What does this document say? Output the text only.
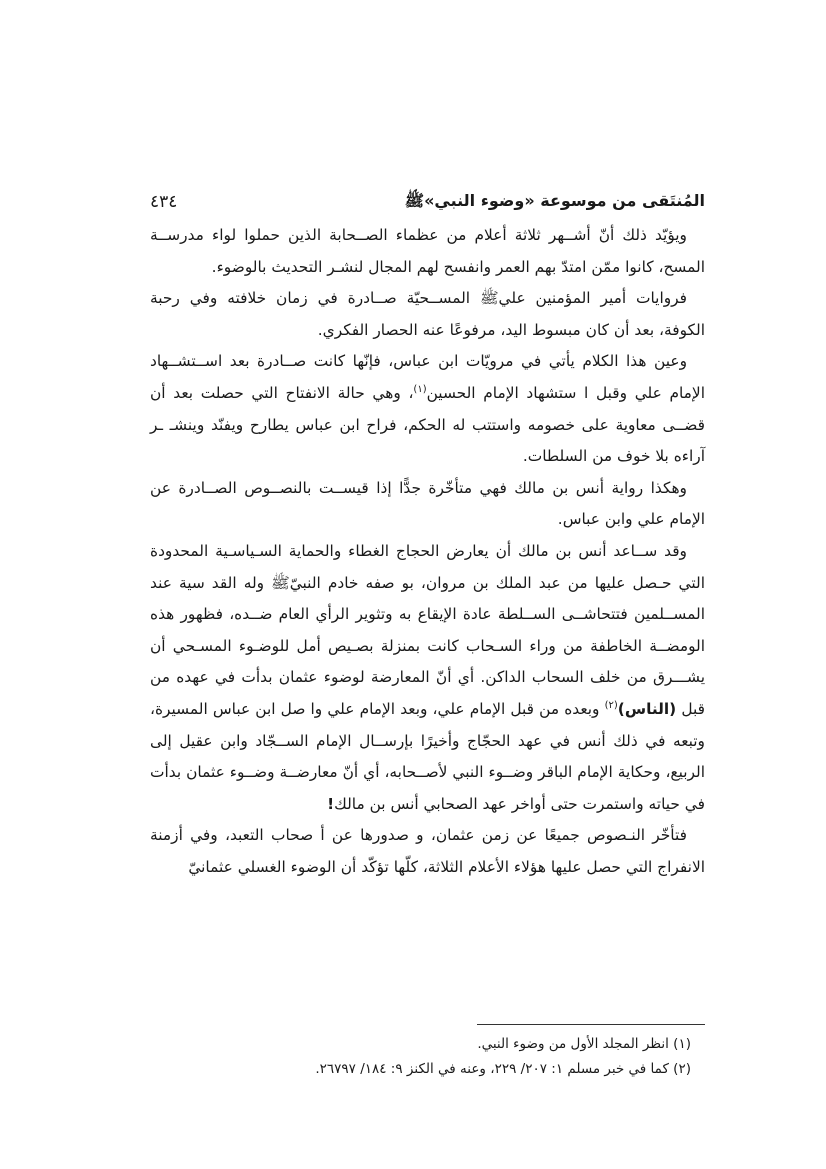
المُنتَقى من موسوعة «وضوء النبي»ﷺ
٤٣٤

ويؤيّد ذلك أنّ أشــهر ثلاثة أعلام من عظماء الصــحابة الذين حملوا لواء مدرســة المسح، كانوا ممّن امتدّ بهم العمر وانفسح لهم المجال لنشـر التحديث بالوضوء.

فروايات أمير المؤمنين عليﷺ المســحيّة صــادرة في زمان خلافته وفي رحبة الكوفة، بعد أن كان مبسوط اليد، مرفوعًا عنه الحصار الفكري.

وعين هذا الكلام يأتي في مرويّات ابن عباس، فإنّها كانت صــادرة بعد اســتشــهاد الإمام علي وقبل ا ستشهاد الإمام الحسين$^{(١)}$، وهي حالة الانفتاح التي حصلت بعد أن قضــى معاوية على خصومه واستتب له الحكم، فراح ابن عباس يطارح ويفنّد وينشـ ـر آراءه بلا خوف من السلطات.

وهكذا رواية أنس بن مالك فهي متأخّرة جدًّا إذا قيســت بالنصــوص الصــادرة عن الإمام علي وابن عباس.

وقد ســاعد أنس بن مالك أن يعارض الحجاج الغطاء والحماية السـياسـية المحدودة التي حـصل عليها من عبد الملك بن مروان، بو صفه خادم النبيّﷺ وله القد سية عند المســلمين فتتحاشــى الســلطة عادة الإيقاع به وتثوير الرأي العام ضــده، فظهور هذه الومضــة الخاطفة من وراء السـحاب كانت بمنزلة بصـيص أمل للوضـوء المسـحي أن يشـــرق من خلف السحاب الداكن. أي أنّ المعارضة لوضوء عثمان بدأت في عهده من قبل (الناس)$^{(٢)}$ وبعده من قبل الإمام علي، وبعد الإمام علي وا صل ابن عباس المسيرة، وتبعه في ذلك أنس في عهد الحجّاج وأخيرًا بإرســال الإمام الســجّاد وابن عقيل إلى الربيع، وحكاية الإمام الباقر وضــوء النبي لأصــحابه، أي أنّ معارضــة وضــوء عثمان بدأت في حياته واستمرت حتى أواخر عهد الصحابي أنس بن مالك!

فتأخّر النـصوص جميعًا عن زمن عثمان، و صدورها عن أ صحاب التعبد، وفي أزمنة الانفراج التي حصل عليها هؤلاء الأعلام الثلاثة، كلّها تؤكّد أن الوضوء الغسلي عثمانيّ

(١) انظر المجلد الأول من وضوء النبي.

(٢) كما في خبر مسلم ١: ٢٠٧/ ٢٢٩، وعنه في الكنز ٩: ١٨٤/ ٢٦٧٩٧.
